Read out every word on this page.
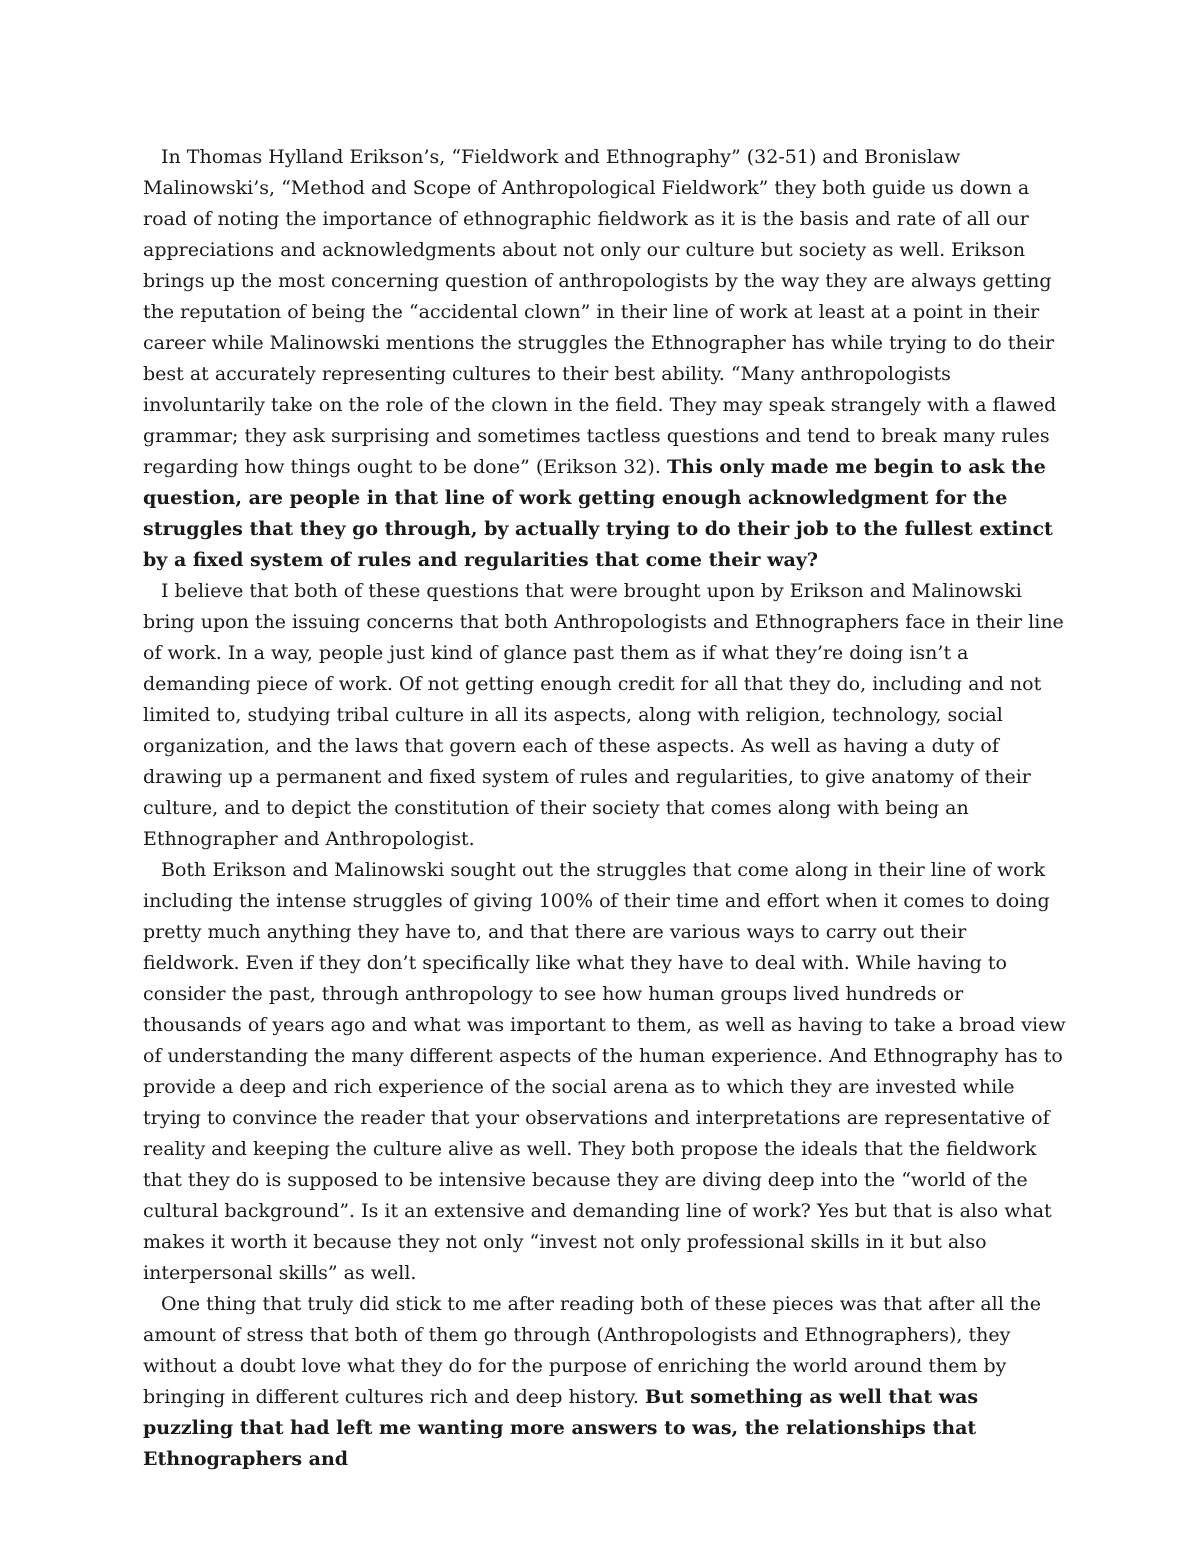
In Thomas Hylland Erikson’s, “Fieldwork and Ethnography” (32-51) and Bronislaw Malinowski’s, “Method and Scope of Anthropological Fieldwork” they both guide us down a road of noting the importance of ethnographic fieldwork as it is the basis and rate of all our appreciations and acknowledgments about not only our culture but society as well. Erikson brings up the most concerning question of anthropologists by the way they are always getting the reputation of being the “accidental clown” in their line of work at least at a point in their career while Malinowski mentions the struggles the Ethnographer has while trying to do their best at accurately representing cultures to their best ability. “Many anthropologists involuntarily take on the role of the clown in the field. They may speak strangely with a flawed grammar; they ask surprising and sometimes tactless questions and tend to break many rules regarding how things ought to be done” (Erikson 32). This only made me begin to ask the question, are people in that line of work getting enough acknowledgment for the struggles that they go through, by actually trying to do their job to the fullest extinct by a fixed system of rules and regularities that come their way?

I believe that both of these questions that were brought upon by Erikson and Malinowski bring upon the issuing concerns that both Anthropologists and Ethnographers face in their line of work. In a way, people just kind of glance past them as if what they’re doing isn’t a demanding piece of work. Of not getting enough credit for all that they do, including and not limited to, studying tribal culture in all its aspects, along with religion, technology, social organization, and the laws that govern each of these aspects. As well as having a duty of drawing up a permanent and fixed system of rules and regularities, to give anatomy of their culture, and to depict the constitution of their society that comes along with being an Ethnographer and Anthropologist.

Both Erikson and Malinowski sought out the struggles that come along in their line of work including the intense struggles of giving 100% of their time and effort when it comes to doing pretty much anything they have to, and that there are various ways to carry out their fieldwork. Even if they don’t specifically like what they have to deal with. While having to consider the past, through anthropology to see how human groups lived hundreds or thousands of years ago and what was important to them, as well as having to take a broad view of understanding the many different aspects of the human experience. And Ethnography has to provide a deep and rich experience of the social arena as to which they are invested while trying to convince the reader that your observations and interpretations are representative of reality and keeping the culture alive as well. They both propose the ideals that the fieldwork that they do is supposed to be intensive because they are diving deep into the “world of the cultural background”. Is it an extensive and demanding line of work? Yes but that is also what makes it worth it because they not only “invest not only professional skills in it but also interpersonal skills” as well.

One thing that truly did stick to me after reading both of these pieces was that after all the amount of stress that both of them go through (Anthropologists and Ethnographers), they without a doubt love what they do for the purpose of enriching the world around them by bringing in different cultures rich and deep history. But something as well that was puzzling that had left me wanting more answers to was, the relationships that Ethnographers and
